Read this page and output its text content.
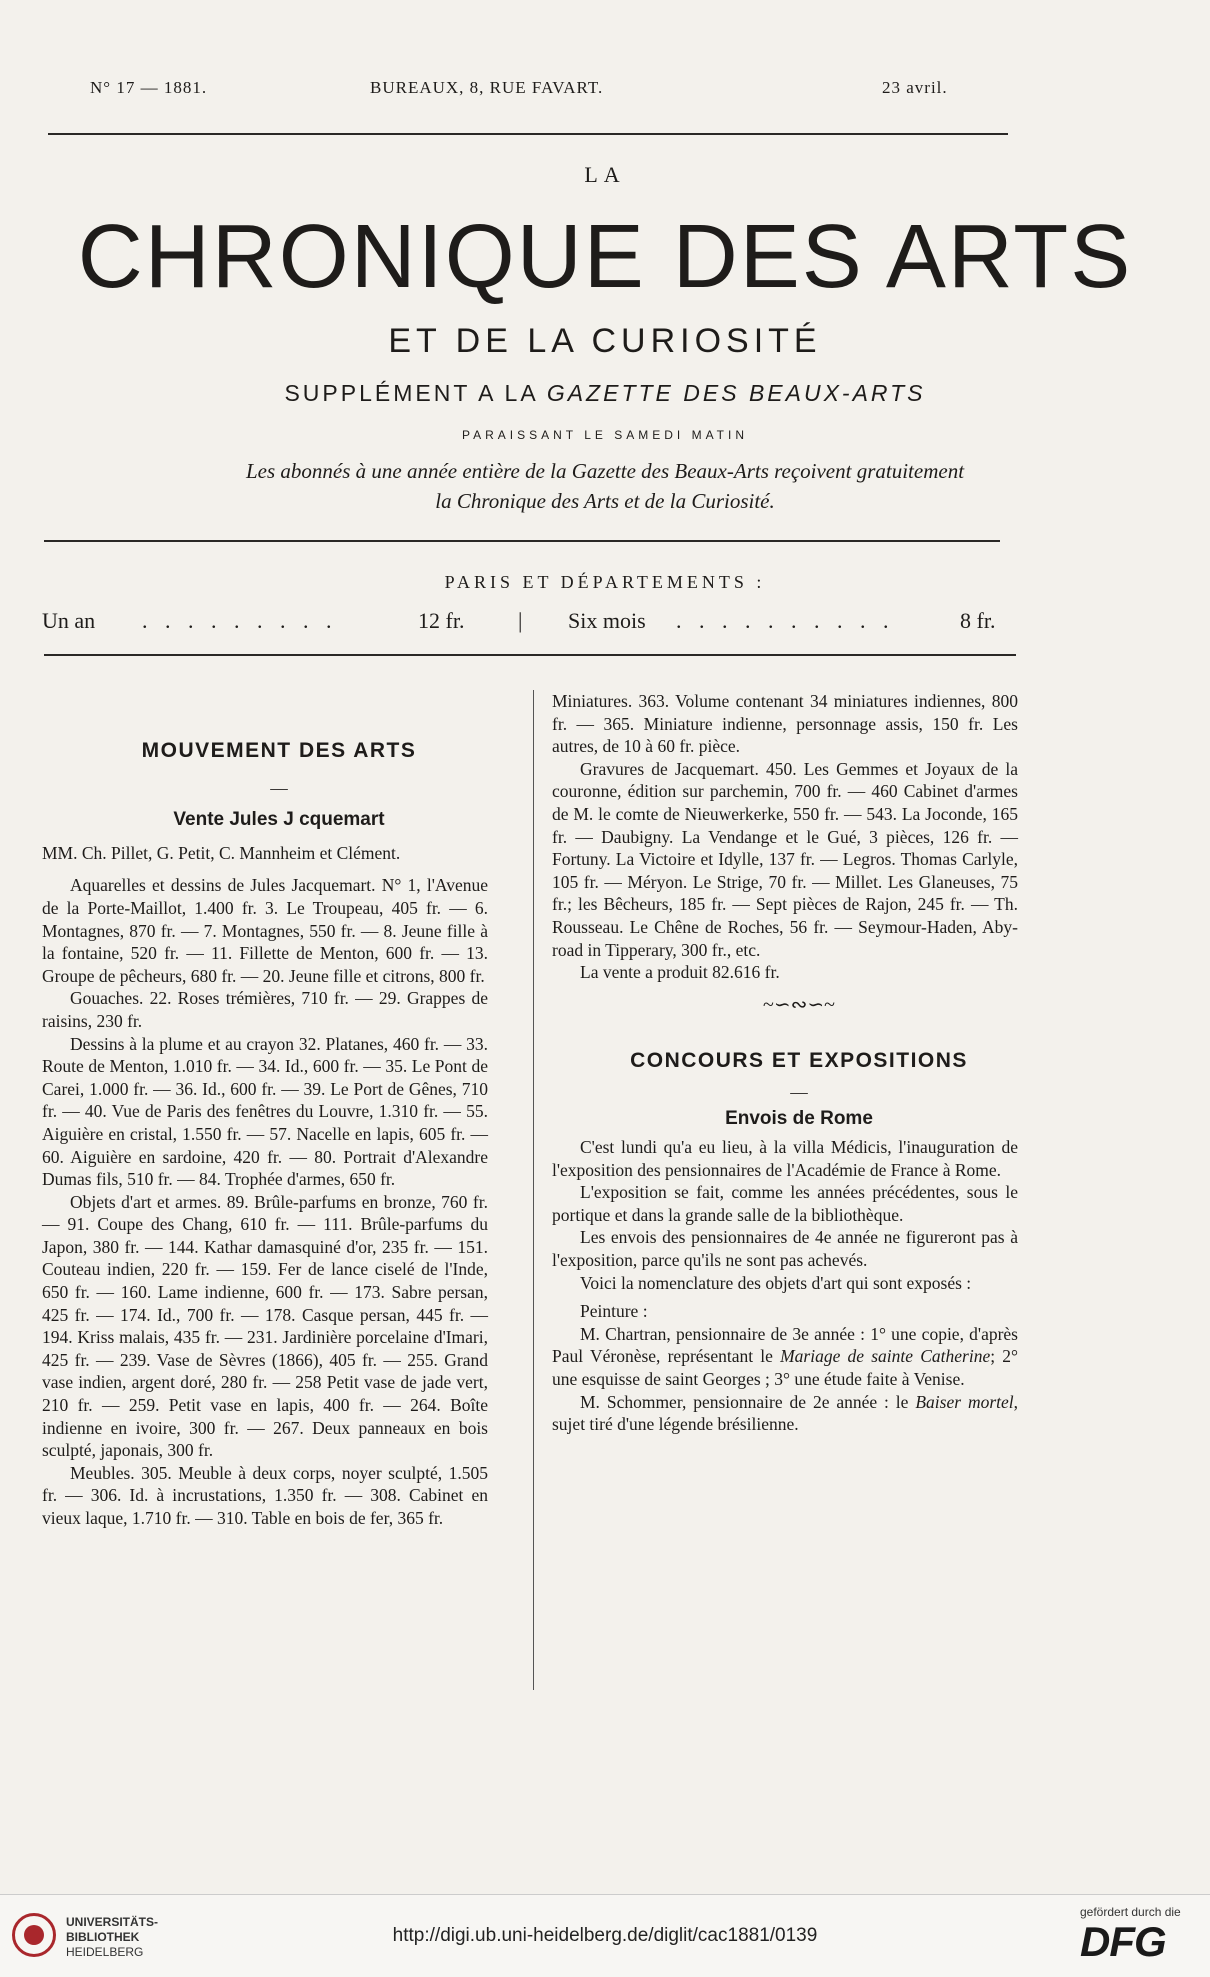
N° 17 — 1881.	BUREAUX, 8, RUE FAVART.	23 avril.
LA
CHRONIQUE DES ARTS
ET DE LA CURIOSITÉ
SUPPLÉMENT A LA GAZETTE DES BEAUX-ARTS
PARAISSANT LE SAMEDI MATIN
Les abonnés à une année entière de la Gazette des Beaux-Arts reçoivent gratuitement
la Chronique des Arts et de la Curiosité.
PARIS ET DÉPARTEMENTS :
Un an . . . . . . . . .	12 fr. | Six mois . . . . . . . . . .	8 fr.

MOUVEMENT DES ARTS

—

Vente Jules J cquemart

MM. Ch. Pillet, G. Petit, C. Mannheim et Clément.

Aquarelles et dessins de Jules Jacquemart. N° 1, l'Avenue de la Porte-Maillot, 1.400 fr. 3. Le Troupeau, 405 fr. — 6. Montagnes, 870 fr. — 7. Montagnes, 550 fr. — 8. Jeune fille à la fontaine, 520 fr. — 11. Fillette de Menton, 600 fr. — 13. Groupe de pêcheurs, 680 fr. — 20. Jeune fille et citrons, 800 fr.

Gouaches. 22. Roses trémières, 710 fr. — 29. Grappes de raisins, 230 fr.

Dessins à la plume et au crayon 32. Platanes, 460 fr. — 33. Route de Menton, 1.010 fr. — 34. Id., 600 fr. — 35. Le Pont de Carei, 1.000 fr. — 36. Id., 600 fr. — 39. Le Port de Gênes, 710 fr. — 40. Vue de Paris des fenêtres du Louvre, 1.310 fr. — 55. Aiguière en cristal, 1.550 fr. — 57. Nacelle en lapis, 605 fr. — 60. Aiguière en sardoine, 420 fr. — 80. Portrait d'Alexandre Dumas fils, 510 fr. — 84. Trophée d'armes, 650 fr.

Objets d'art et armes. 89. Brûle-parfums en bronze, 760 fr. — 91. Coupe des Chang, 610 fr. — 111. Brûle-parfums du Japon, 380 fr. — 144. Kathar damasquiné d'or, 235 fr. — 151. Couteau indien, 220 fr. — 159. Fer de lance ciselé de l'Inde, 650 fr. — 160. Lame indienne, 600 fr. — 173. Sabre persan, 425 fr. — 174. Id., 700 fr. — 178. Casque persan, 445 fr. — 194. Kriss malais, 435 fr. — 231. Jardinière porcelaine d'Imari, 425 fr. — 239. Vase de Sèvres (1866), 405 fr. — 255. Grand vase indien, argent doré, 280 fr. — 258 Petit vase de jade vert, 210 fr. — 259. Petit vase en lapis, 400 fr. — 264. Boîte indienne en ivoire, 300 fr. — 267. Deux panneaux en bois sculpté, japonais, 300 fr.

Meubles. 305. Meuble à deux corps, noyer sculpté, 1.505 fr. — 306. Id. à incrustations, 1.350 fr. — 308. Cabinet en vieux laque, 1.710 fr. — 310. Table en bois de fer, 365 fr.

Miniatures. 363. Volume contenant 34 miniatures indiennes, 800 fr. — 365. Miniature indienne, personnage assis, 150 fr. Les autres, de 10 à 60 fr. pièce.

Gravures de Jacquemart. 450. Les Gemmes et Joyaux de la couronne, édition sur parchemin, 700 fr. — 460 Cabinet d'armes de M. le comte de Nieuwerkerke, 550 fr. — 543. La Joconde, 165 fr. — Daubigny. La Vendange et le Gué, 3 pièces, 126 fr. — Fortuny. La Victoire et Idylle, 137 fr. — Legros. Thomas Carlyle, 105 fr. — Méryon. Le Strige, 70 fr. — Millet. Les Glaneuses, 75 fr.; les Bêcheurs, 185 fr. — Sept pièces de Rajon, 245 fr. — Th. Rousseau. Le Chêne de Roches, 56 fr. — Seymour-Haden, Aby-road in Tipperary, 300 fr., etc.

La vente a produit 82.616 fr.

~∽∾∽~

CONCOURS ET EXPOSITIONS

—

Envois de Rome

C'est lundi qu'a eu lieu, à la villa Médicis, l'inauguration de l'exposition des pensionnaires de l'Académie de France à Rome.

L'exposition se fait, comme les années précédentes, sous le portique et dans la grande salle de la bibliothèque.

Les envois des pensionnaires de 4e année ne figureront pas à l'exposition, parce qu'ils ne sont pas achevés.

Voici la nomenclature des objets d'art qui sont exposés :

Peinture :

M. Chartran, pensionnaire de 3e année : 1° une copie, d'après Paul Véronèse, représentant le Mariage de sainte Catherine; 2° une esquisse de saint Georges ; 3° une étude faite à Venise.

M. Schommer, pensionnaire de 2e année : le Baiser mortel, sujet tiré d'une légende brésilienne.

UNIVERSITÄTS-
BIBLIOTHEK
HEIDELBERG
http://digi.ub.uni-heidelberg.de/diglit/cac1881/0139
gefördert durch die
DFG
